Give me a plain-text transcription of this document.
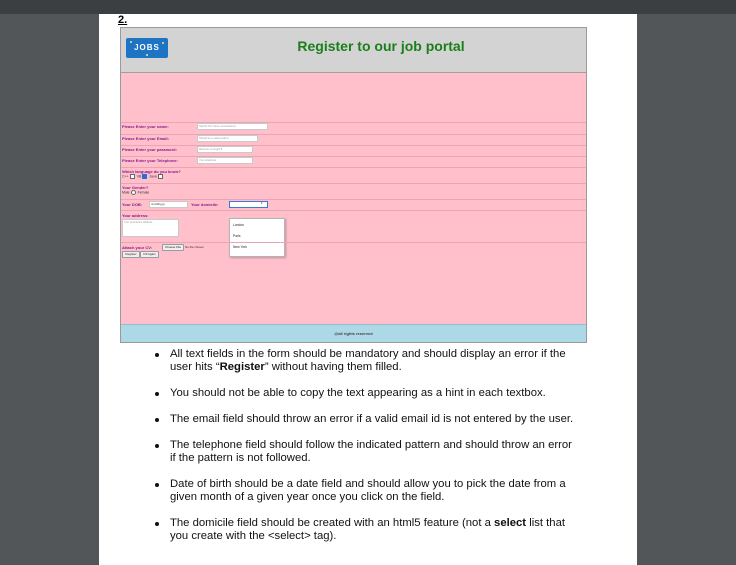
2.
JOBS	Register to our job portal
Please Enter your name:	Specify first name and lastname
Please Enter your Email:	Should be a valid email id
Please Enter your password:	Minimum of length 8
Please Enter your Telephone:	Your telephone
Which language do you know?
C++ VB Java
Your Gender?
Male Female
Your DOB:	mm/dd/yyyy	Your domicile:	▾
Your address:
Your permanent address
London
Paris
New York
Attach your CV:	Choose File	No file chosen
Register	Fill Again
@all rights reserved
All text fields in the form should be mandatory and should display an error if the user hits “Register” without having them filled.
You should not be able to copy the text appearing as a hint in each textbox.
The email field should throw an error if a valid email id is not entered by the user.
The telephone field should follow the indicated pattern and should throw an error if the pattern is not followed.
Date of birth should be a date field and should allow you to pick the date from a given month of a given year once you click on the field.
The domicile field should be created with an html5 feature (not a select list that you create with the <select> tag).
